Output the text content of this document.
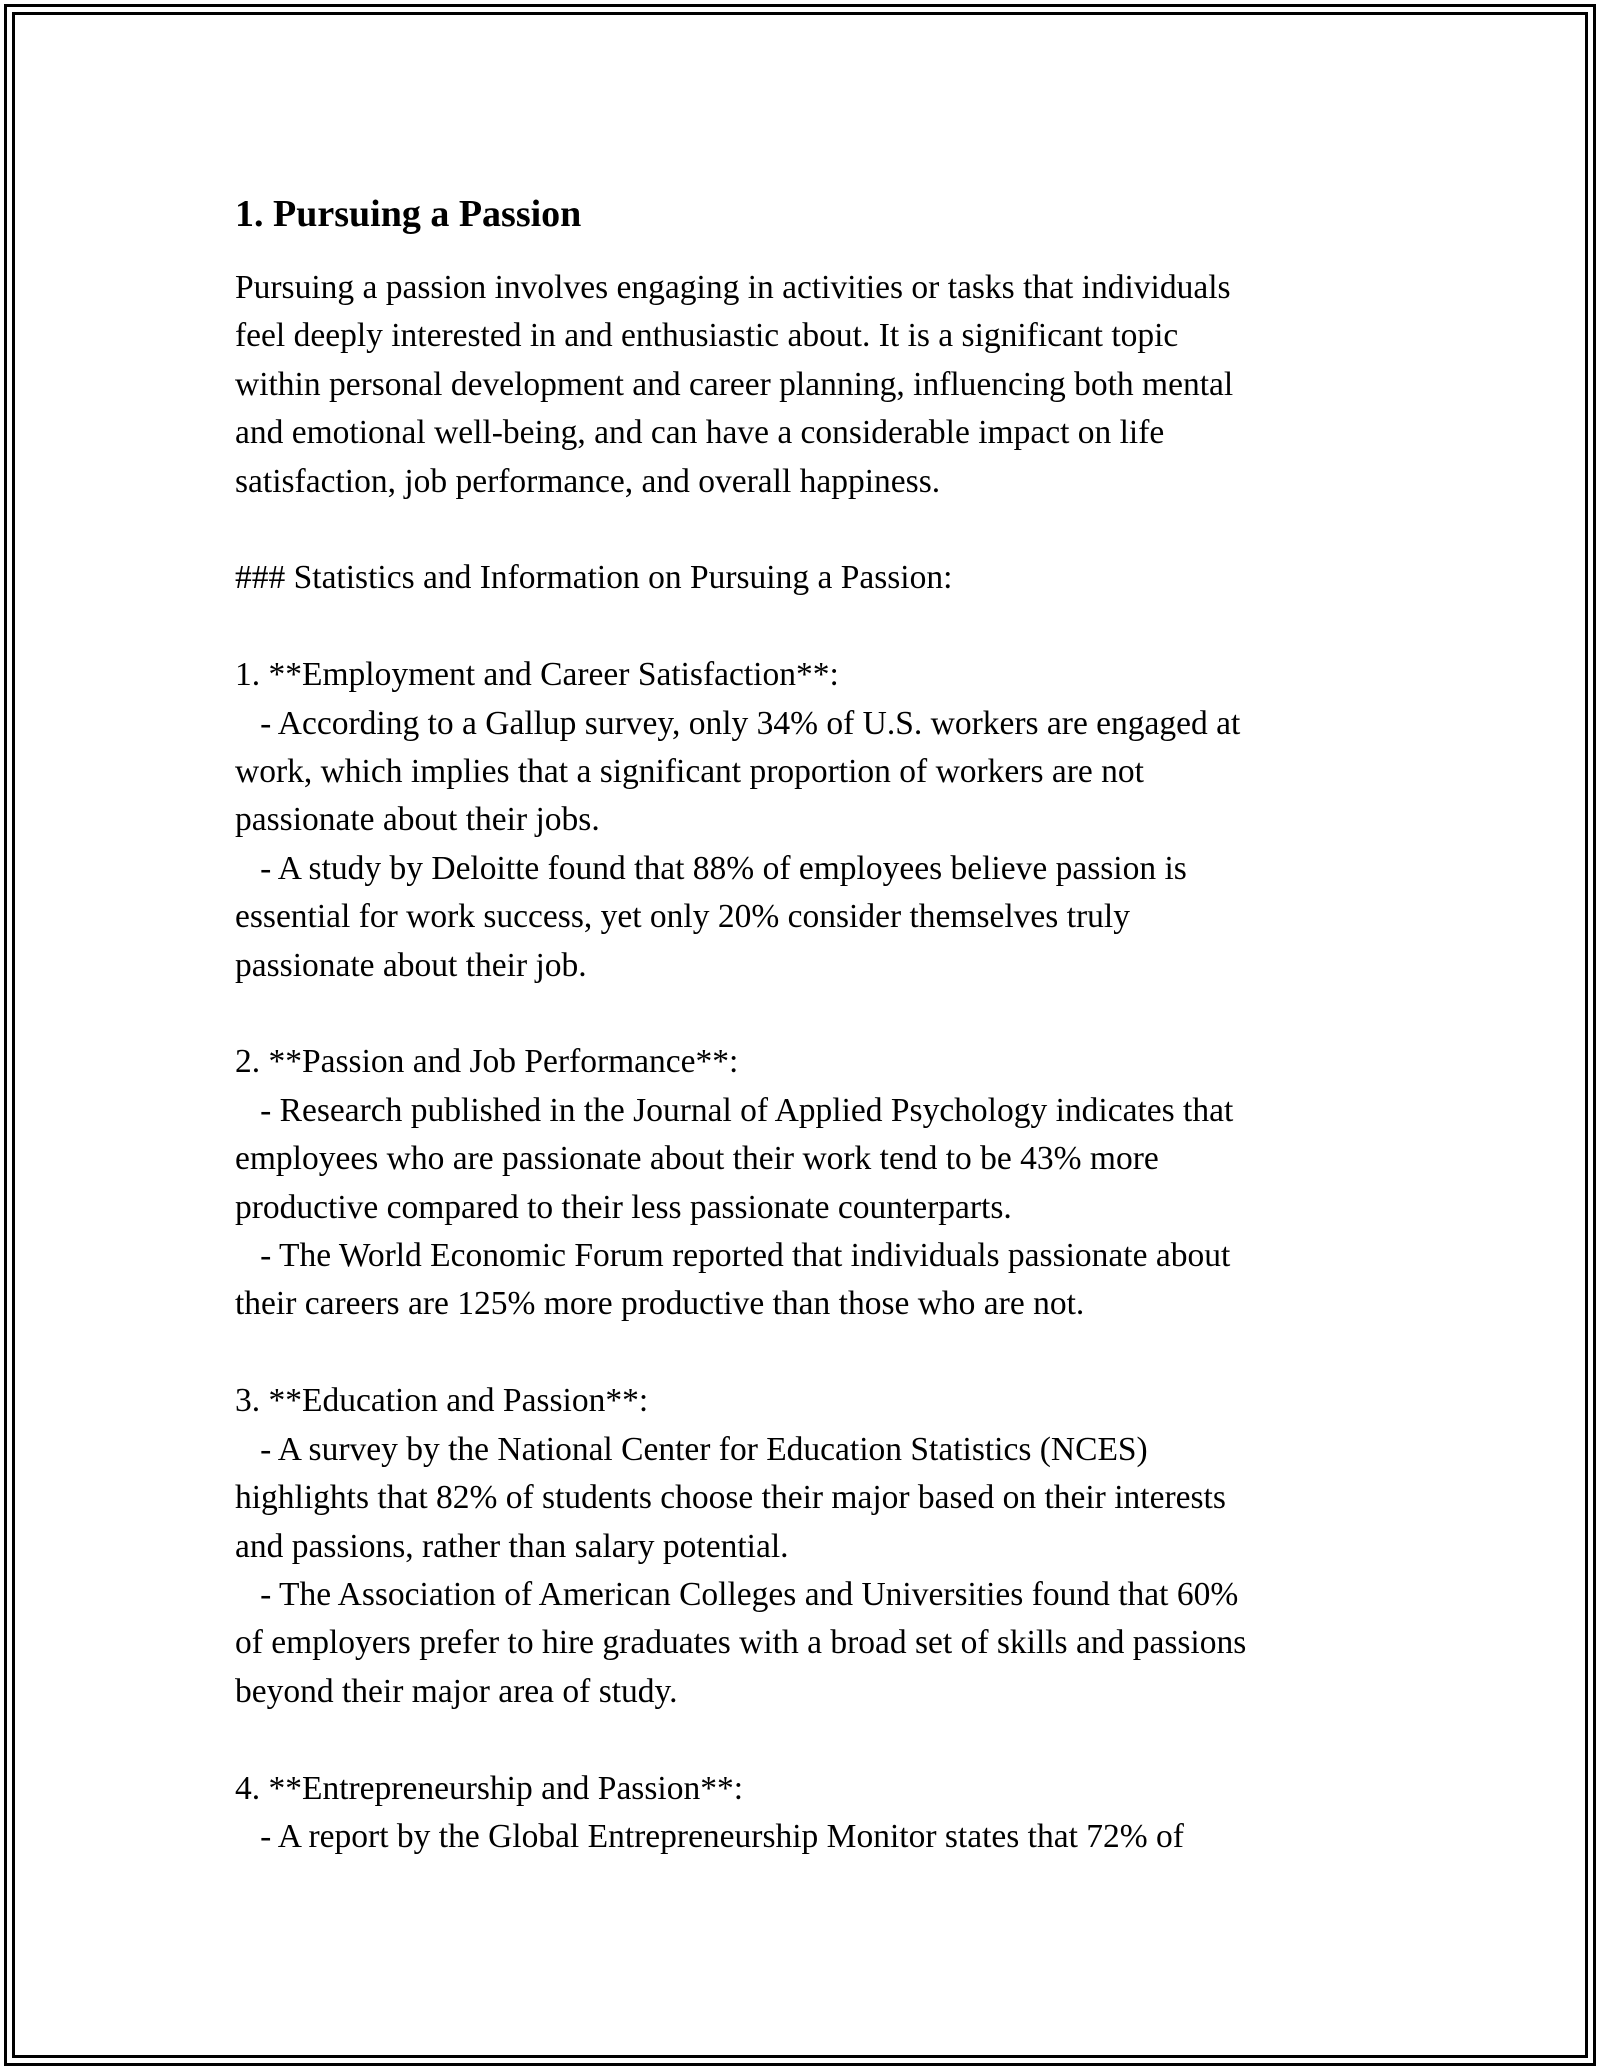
1. Pursuing a Passion
Pursuing a passion involves engaging in activities or tasks that individuals
feel deeply interested in and enthusiastic about. It is a significant topic
within personal development and career planning, influencing both mental
and emotional well-being, and can have a considerable impact on life
satisfaction, job performance, and overall happiness.
### Statistics and Information on Pursuing a Passion:
1. **Employment and Career Satisfaction**:
- According to a Gallup survey, only 34% of U.S. workers are engaged at
work, which implies that a significant proportion of workers are not
passionate about their jobs.
- A study by Deloitte found that 88% of employees believe passion is
essential for work success, yet only 20% consider themselves truly
passionate about their job.
2. **Passion and Job Performance**:
- Research published in the Journal of Applied Psychology indicates that
employees who are passionate about their work tend to be 43% more
productive compared to their less passionate counterparts.
- The World Economic Forum reported that individuals passionate about
their careers are 125% more productive than those who are not.
3. **Education and Passion**:
- A survey by the National Center for Education Statistics (NCES)
highlights that 82% of students choose their major based on their interests
and passions, rather than salary potential.
- The Association of American Colleges and Universities found that 60%
of employers prefer to hire graduates with a broad set of skills and passions
beyond their major area of study.
4. **Entrepreneurship and Passion**:
- A report by the Global Entrepreneurship Monitor states that 72% of
